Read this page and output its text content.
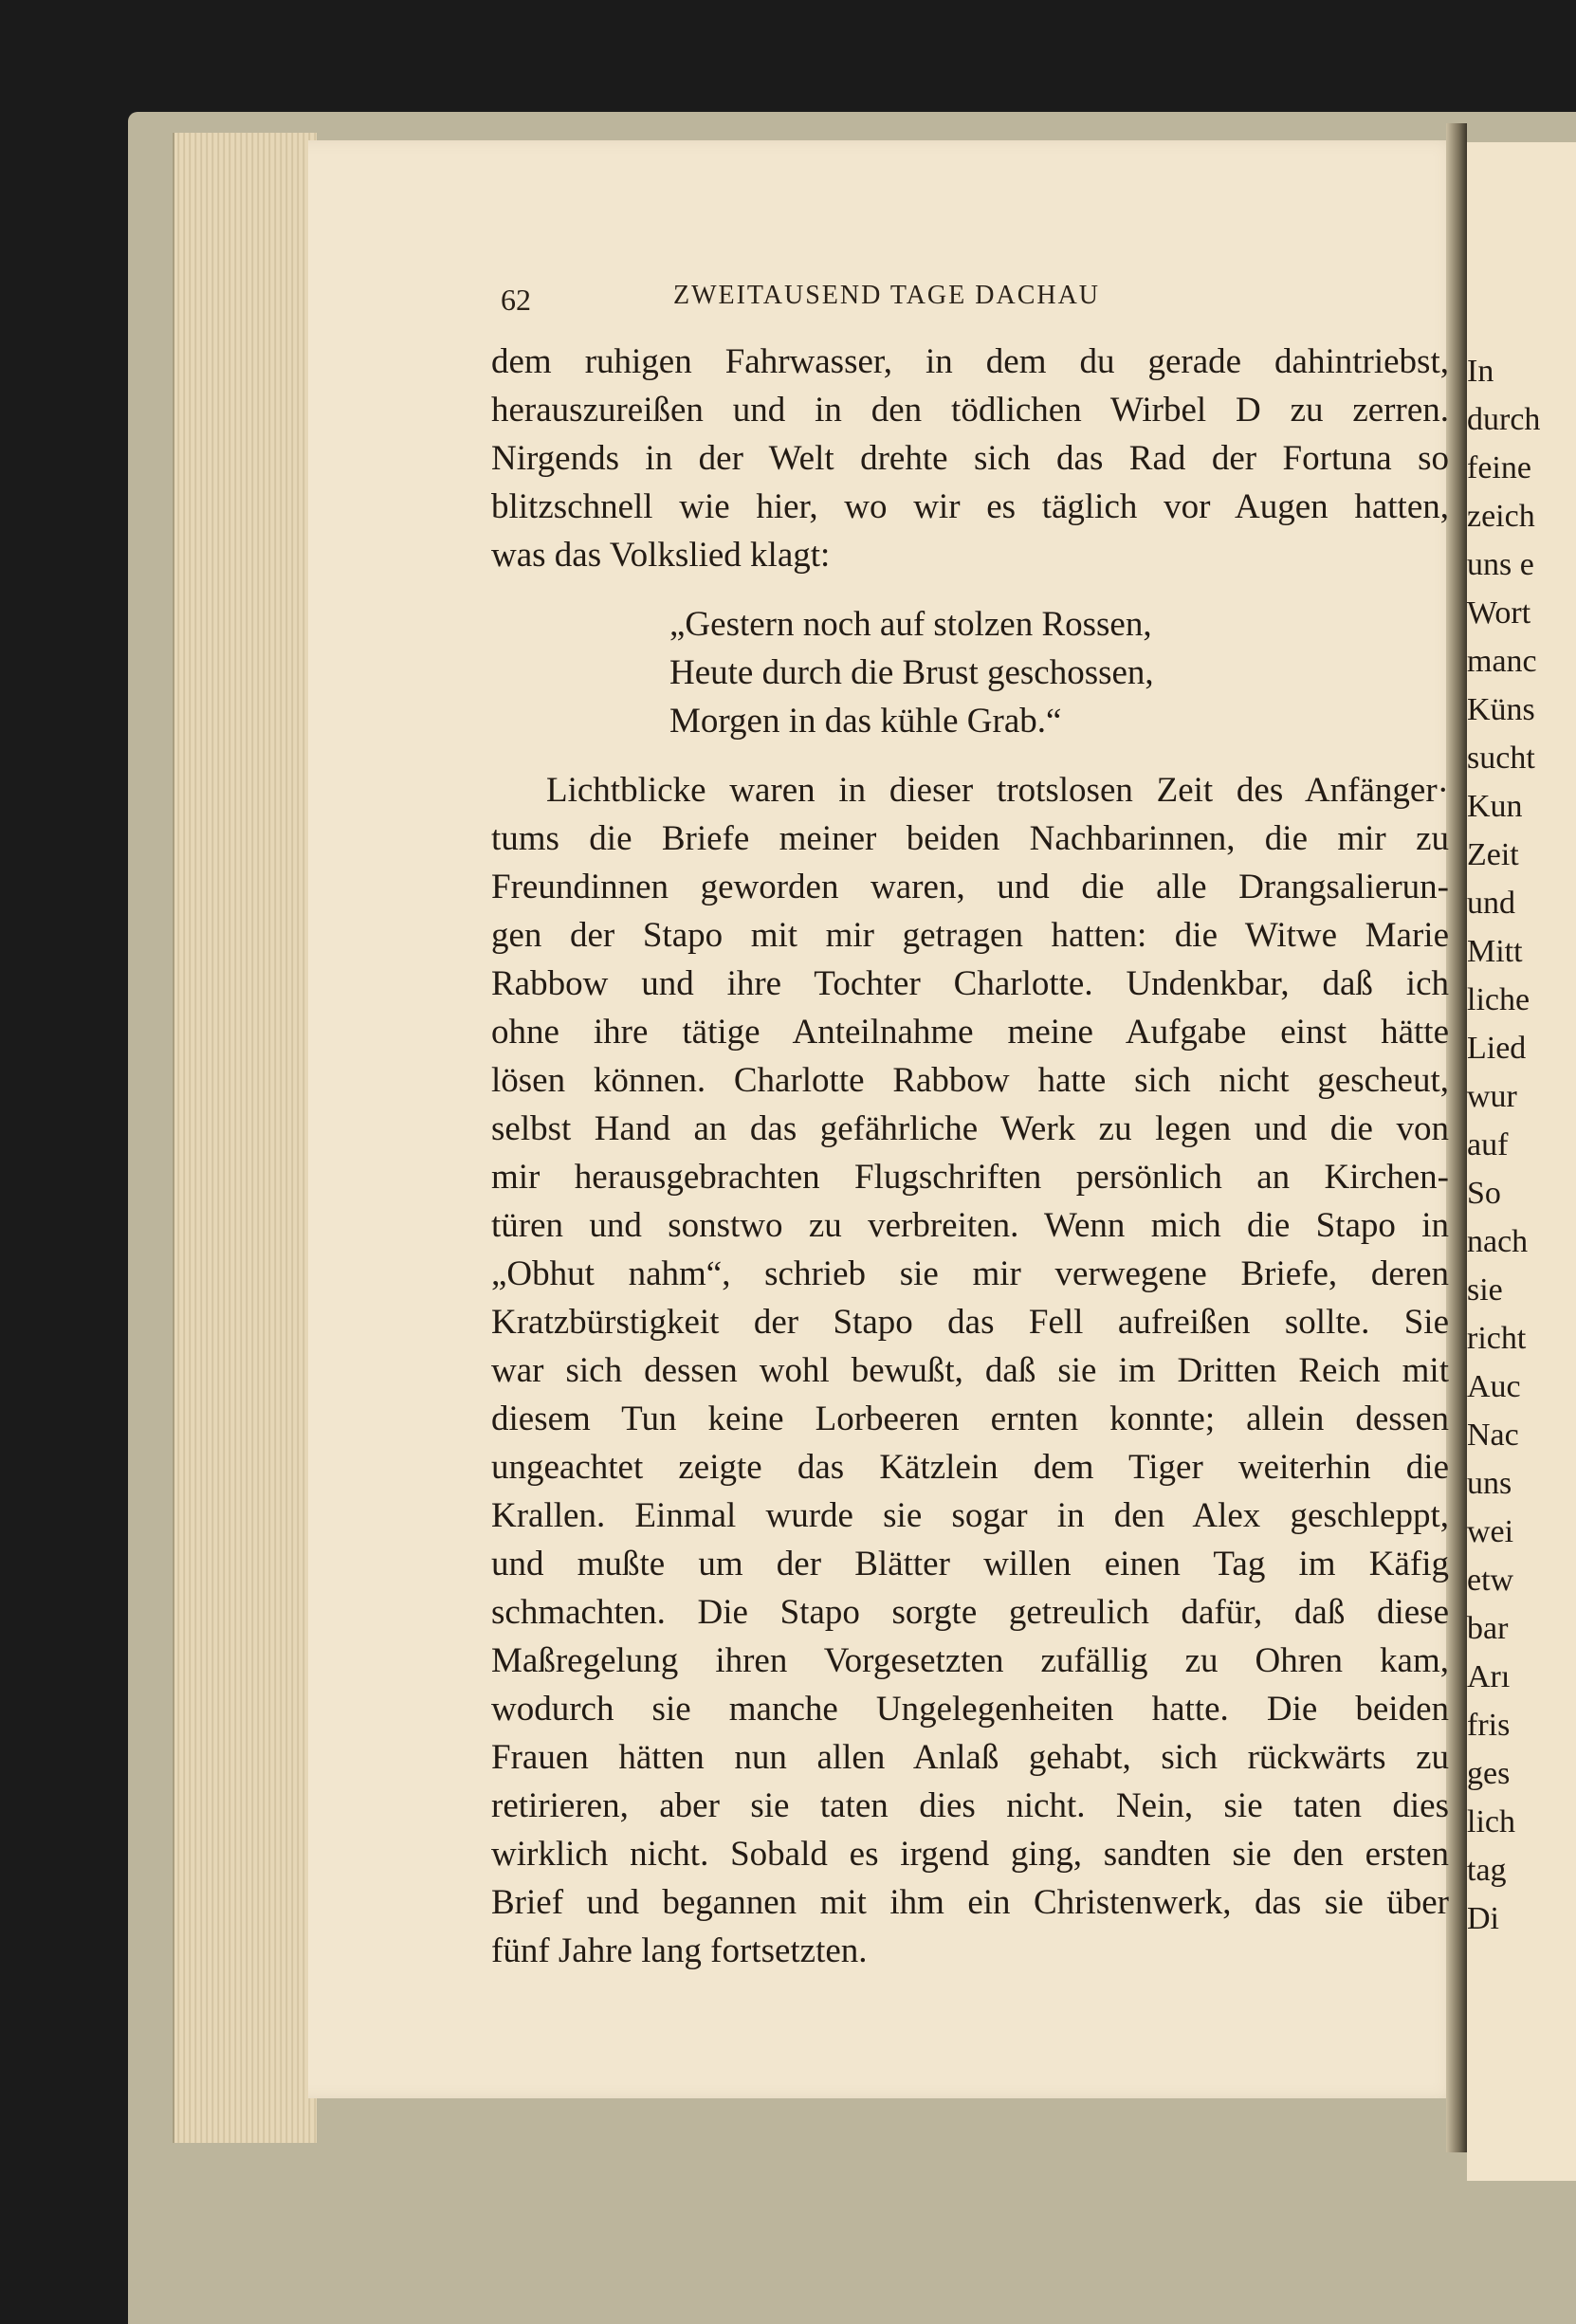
In
durch
feine
zeich
uns e
Wort
manc
Küns
sucht
Kun
Zeit
und
Mitt
liche
Lied
wur
auf
So
nach
sie
richt
Auc
Nac
uns
wei
etw
bar
Arı
fris
ges
lich
tag
Di
62	ZWEITAUSEND TAGE DACHAU
dem ruhigen Fahrwasser, in dem du gerade dahintriebst,
herauszureißen und in den tödlichen Wirbel D zu zerren.
Nirgends in der Welt drehte sich das Rad der Fortuna so
blitzschnell wie hier, wo wir es täglich vor Augen hatten,
was das Volkslied klagt:
„Gestern noch auf stolzen Rossen,
Heute durch die Brust geschossen,
Morgen in das kühle Grab.“
Lichtblicke waren in dieser trotslosen Zeit des Anfänger·
tums die Briefe meiner beiden Nachbarinnen, die mir zu
Freundinnen geworden waren, und die alle Drangsalierun-
gen der Stapo mit mir getragen hatten: die Witwe Marie
Rabbow und ihre Tochter Charlotte. Undenkbar, daß ich
ohne ihre tätige Anteilnahme meine Aufgabe einst hätte
lösen können. Charlotte Rabbow hatte sich nicht gescheut,
selbst Hand an das gefährliche Werk zu legen und die von
mir herausgebrachten Flugschriften persönlich an Kirchen-
türen und sonstwo zu verbreiten. Wenn mich die Stapo in
„Obhut nahm“, schrieb sie mir verwegene Briefe, deren
Kratzbürstigkeit der Stapo das Fell aufreißen sollte. Sie
war sich dessen wohl bewußt, daß sie im Dritten Reich mit
diesem Tun keine Lorbeeren ernten konnte; allein dessen
ungeachtet zeigte das Kätzlein dem Tiger weiterhin die
Krallen. Einmal wurde sie sogar in den Alex geschleppt,
und mußte um der Blätter willen einen Tag im Käfig
schmachten. Die Stapo sorgte getreulich dafür, daß diese
Maßregelung ihren Vorgesetzten zufällig zu Ohren kam,
wodurch sie manche Ungelegenheiten hatte. Die beiden
Frauen hätten nun allen Anlaß gehabt, sich rückwärts zu
retirieren, aber sie taten dies nicht. Nein, sie taten dies
wirklich nicht. Sobald es irgend ging, sandten sie den ersten
Brief und begannen mit ihm ein Christenwerk, das sie über
fünf Jahre lang fortsetzten.
